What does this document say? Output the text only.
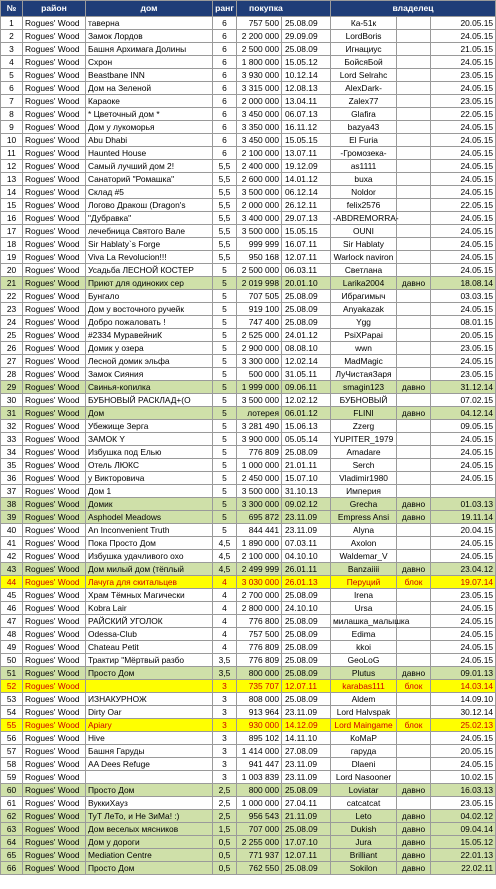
№	район	дом	ранг	покупка		владелец		
1	Rogues' Wood	таверна	6	757 500	25.08.09	Ка-51к		20.05.15
2	Rogues' Wood	Замок Лордов	6	2 200 000	29.09.09	LordBoris		24.05.15
3	Rogues' Wood	Башня Архимага Долины	6	2 500 000	25.08.09	Игнациус		21.05.15
4	Rogues' Wood	Схрон	6	1 800 000	15.05.12	БойсяБой		24.05.15
5	Rogues' Wood	Beastbane INN	6	3 930 000	10.12.14	Lord Selrahc		23.05.15
6	Rogues' Wood	Дом на Зеленой	6	3 315 000	12.08.13	AlexDark-		24.05.15
7	Rogues' Wood	Караоке	6	2 000 000	13.04.11	Zalex77		23.05.15
8	Rogues' Wood	* Цветочный дом *	6	3 450 000	06.07.13	Glafira		22.05.15
9	Rogues' Wood	Дом у лукоморья	6	3 350 000	16.11.12	bazya43		24.05.15
10	Rogues' Wood	Abu Dhabi	6	3 450 000	15.05.15	El Furia		24.05.15
11	Rogues' Wood	Haunted House	6	2 100 000	13.07.11	-Громозека-		24.05.15
12	Rogues' Wood	Самый лучший дом 2!	5,5	2 400 000	19.12.09	as1111		24.05.15
13	Rogues' Wood	Санаторий "Ромашка"	5,5	2 600 000	14.01.12	buxa		24.05.15
14	Rogues' Wood	Склад #5	5,5	3 500 000	06.12.14	Noldor		24.05.15
15	Rogues' Wood	Логово Дракош (Dragon's	5,5	2 000 000	26.12.11	felix2576		22.05.15
16	Rogues' Wood	"Дубравка"	5,5	3 400 000	29.07.13	-ABDREMORRA-		24.05.15
17	Rogues' Wood	лечебница Святого Вале	5,5	3 500 000	15.05.15	OUNI		24.05.15
18	Rogues' Wood	Sir Hablaty`s Forge	5,5	999 999	16.07.11	Sir Hablaty		24.05.15
19	Rogues' Wood	Viva La Revolucion!!!	5,5	950 168	12.07.11	Warlock naviron		24.05.15
20	Rogues' Wood	Усадьба ЛЕСНОЙ КОСТЕР	5	2 500 000	06.03.11	Светлана		24.05.15
21	Rogues' Wood	Приют для одиноких сер	5	2 019 998	20.01.10	Larika2004	давно	18.08.14
22	Rogues' Wood	Бунгало	5	707 505	25.08.09	Ибрагимыч		03.03.15
23	Rogues' Wood	Дом у восточного ручейк	5	919 100	25.08.09	Anyakazak		24.05.15
24	Rogues' Wood	Добро пожаловать !	5	747 400	25.08.09	Ygg		08.01.15
25	Rogues' Wood	#2334 МуравейниК	5	2 525 000	24.01.12	PsiXPapai		20.05.15
26	Rogues' Wood	Домик у озера	5	2 900 000	08.08.10	wwn		23.05.15
27	Rogues' Wood	Лесной домик эльфа	5	3 300 000	12.02.14	MadMagic		24.05.15
28	Rogues' Wood	Замок Сияния	5	500 000	31.05.11	ЛуЧистаяЗаря		23.05.15
29	Rogues' Wood	Свинья-копилка	5	1 999 000	09.06.11	smagin123	давно	31.12.14
30	Rogues' Wood	БУБНОВЫЙ РАСКЛАД+(О	5	3 500 000	12.02.12	БУБНОВЫЙ		07.02.15
31	Rogues' Wood	Дом	5	лотерея	06.01.12	FLINI	давно	04.12.14
32	Rogues' Wood	Убежище Зерга	5	3 281 490	15.06.13	Zzerg		09.05.15
33	Rogues' Wood	ЗАМОК Y	5	3 900 000	05.05.14	YUPITER_1979		24.05.15
34	Rogues' Wood	Избушка под Елью	5	776 809	25.08.09	Amadare		24.05.15
35	Rogues' Wood	Отель ЛЮКС	5	1 000 000	21.01.11	Serch		24.05.15
36	Rogues' Wood	у Викторовича	5	2 450 000	15.07.10	Vladimir1980		24.05.15
37	Rogues' Wood	Дом 1	5	3 500 000	31.10.13	Империя		
38	Rogues' Wood	Домик	5	3 300 000	09.02.12	Grecha	давно	01.03.13
39	Rogues' Wood	Asphodel Meadows	5	695 872	23.11.09	Empress Ansi	давно	19.11.14
40	Rogues' Wood	An Inconvenient Truth	5	844 441	23.11.09	Alyna		20.04.15
41	Rogues' Wood	Пока Просто Дом	4,5	1 890 000	07.03.11	Axolon		24.05.15
42	Rogues' Wood	Избушка удачливого охо	4,5	2 100 000	04.10.10	Waldemar_V		24.05.15
43	Rogues' Wood	Дом милый дом (тёплый	4,5	2 499 999	26.01.11	Banzaiiii	давно	23.04.12
44	Rogues' Wood	Лачуга для скитальцев	4	3 030 000	26.01.13	Перуций	блок	19.07.14
45	Rogues' Wood	Храм Тёмных Магически	4	2 700 000	25.08.09	Irena		23.05.15
46	Rogues' Wood	Kobra Lair	4	2 800 000	24.10.10	Ursa		24.05.15
47	Rogues' Wood	РАЙСКИЙ УГОЛОК	4	776 800	25.08.09	милашка_малышка		24.05.15
48	Rogues' Wood	Odessa-Club	4	757 500	25.08.09	Edima		24.05.15
49	Rogues' Wood	Chateau Petit	4	776 809	25.08.09	kkoi		24.05.15
50	Rogues' Wood	Трактир "Мёртвый разбо	3,5	776 809	25.08.09	GeoLoG		24.05.15
51	Rogues' Wood	Просто Дом	3,5	800 000	25.08.09	Plutus	давно	09.01.13
52	Rogues' Wood		3	735 707	12.07.11	karabas111	блок	14.03.14
53	Rogues' Wood	ИЗНАКУРНОЖ	3	808 000	25.08.09	Aldem		14.09.10
54	Rogues' Wood	Dirty Oar	3	913 964	23.11.09	Lord Halvspak		30.12.14
55	Rogues' Wood	Apiary	3	930 000	14.12.09	Lord Maingame	блок	25.02.13
56	Rogues' Wood	Hive	3	895 102	14.11.10	КоМаР		24.05.15
57	Rogues' Wood	Башня Гаруды	3	1 414 000	27.08.09	гаруда		20.05.15
58	Rogues' Wood	AA Dees Refuge	3	941 447	23.11.09	Dlaeni		24.05.15
59	Rogues' Wood		3	1 003 839	23.11.09	Lord Nasooner		10.02.15
60	Rogues' Wood	Просто Дом	2,5	800 000	25.08.09	Loviatar	давно	16.03.13
61	Rogues' Wood	ВуккиХауз	2,5	1 000 000	27.04.11	catcatcat		23.05.15
62	Rogues' Wood	ТуТ ЛеТо, и Не ЗиМа! :)	2,5	956 543	21.11.09	Leto	давно	04.02.12
63	Rogues' Wood	Дом веселых мясников	1,5	707 000	25.08.09	Dukish	давно	09.04.14
64	Rogues' Wood	Дом у дороги	0,5	2 255 000	17.07.10	Jura	давно	15.05.12
65	Rogues' Wood	Mediation Centre	0,5	771 937	12.07.11	Brilliant	давно	22.01.13
66	Rogues' Wood	Просто Дом	0,5	762 550	25.08.09	Sokilon	давно	22.02.11
